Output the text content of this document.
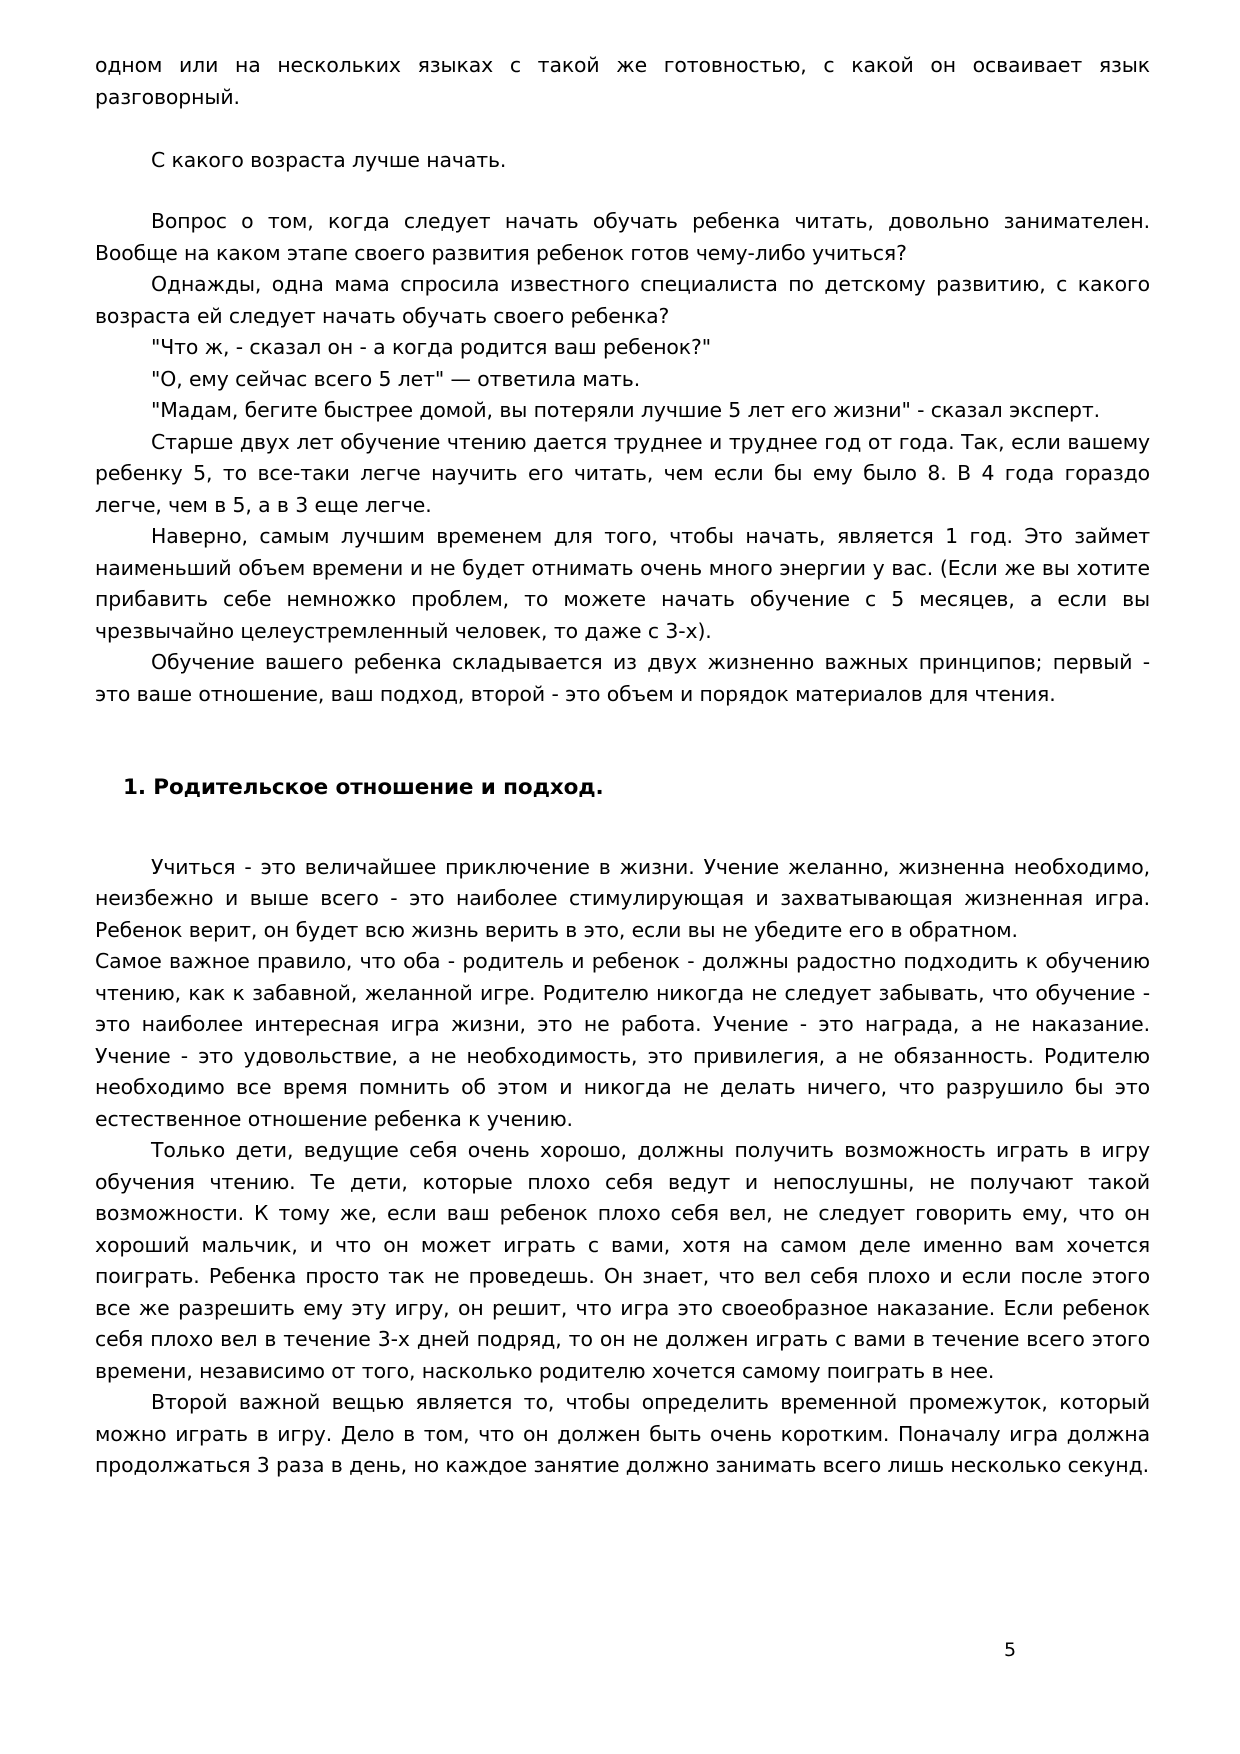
одном или на нескольких языках с такой же готовностью, с какой он осваивает язык разговорный.

С какого возраста лучше начать.

Вопрос о том, когда следует начать обучать ребенка читать, довольно занимателен. Вообще на каком этапе своего развития ребенок готов чему-либо учиться?

Однажды, одна мама спросила известного специалиста по детскому развитию, с какого возраста ей следует начать обучать своего ребенка?

"Что ж, - сказал он - а когда родится ваш ребенок?"

"О, ему сейчас всего 5 лет" — ответила мать.

"Мадам, бегите быстрее домой, вы потеряли лучшие 5 лет его жизни" - сказал эксперт.

Старше двух лет обучение чтению дается труднее и труднее год от года. Так, если вашему ребенку 5, то все-таки легче научить его читать, чем если бы ему было 8. В 4 года гораздо легче, чем в 5, а в 3 еще легче.

Наверно, самым лучшим временем для того, чтобы начать, является 1 год. Это займет наименьший объем времени и не будет отнимать очень много энергии у вас. (Если же вы хотите прибавить себе немножко проблем, то можете начать обучение с 5 месяцев, а если вы чрезвычайно целеустремленный человек, то даже с 3-х).

Обучение вашего ребенка складывается из двух жизненно важных принципов; первый - это ваше отношение, ваш подход, второй - это объем и порядок материалов для чтения.

1. Родительское отношение и подход.

Учиться - это величайшее приключение в жизни. Учение желанно, жизненна необходимо, неизбежно и выше всего - это наиболее стимулирующая и захватывающая жизненная игра. Ребенок верит, он будет всю жизнь верить в это, если вы не убедите его в обратном.

Самое важное правило, что оба - родитель и ребенок - должны радостно подходить к обучению чтению, как к забавной, желанной игре. Родителю никогда не следует забывать, что обучение - это наиболее интересная игра жизни, это не работа. Учение - это награда, а не наказание. Учение - это удовольствие, а не необходимость, это привилегия, а не обязанность. Родителю необходимо все время помнить об этом и никогда не делать ничего, что разрушило бы это естественное отношение ребенка к учению.

Только дети, ведущие себя очень хорошо, должны получить возможность играть в игру обучения чтению. Те дети, которые плохо себя ведут и непослушны, не получают такой возможности. К тому же, если ваш ребенок плохо себя вел, не следует говорить ему, что он хороший мальчик, и что он может играть с вами, хотя на самом деле именно вам хочется поиграть. Ребенка просто так не проведешь. Он знает, что вел себя плохо и если после этого все же разрешить ему эту игру, он решит, что игра это своеобразное наказание. Если ребенок себя плохо вел в течение 3-х дней подряд, то он не должен играть с вами в течение всего этого времени, независимо от того, насколько родителю хочется самому поиграть в нее.

Второй важной вещью является то, чтобы определить временной промежуток, который можно играть в игру. Дело в том, что он должен быть очень коротким. Поначалу игра должна продолжаться 3 раза в день, но каждое занятие должно занимать всего лишь несколько секунд.

5
